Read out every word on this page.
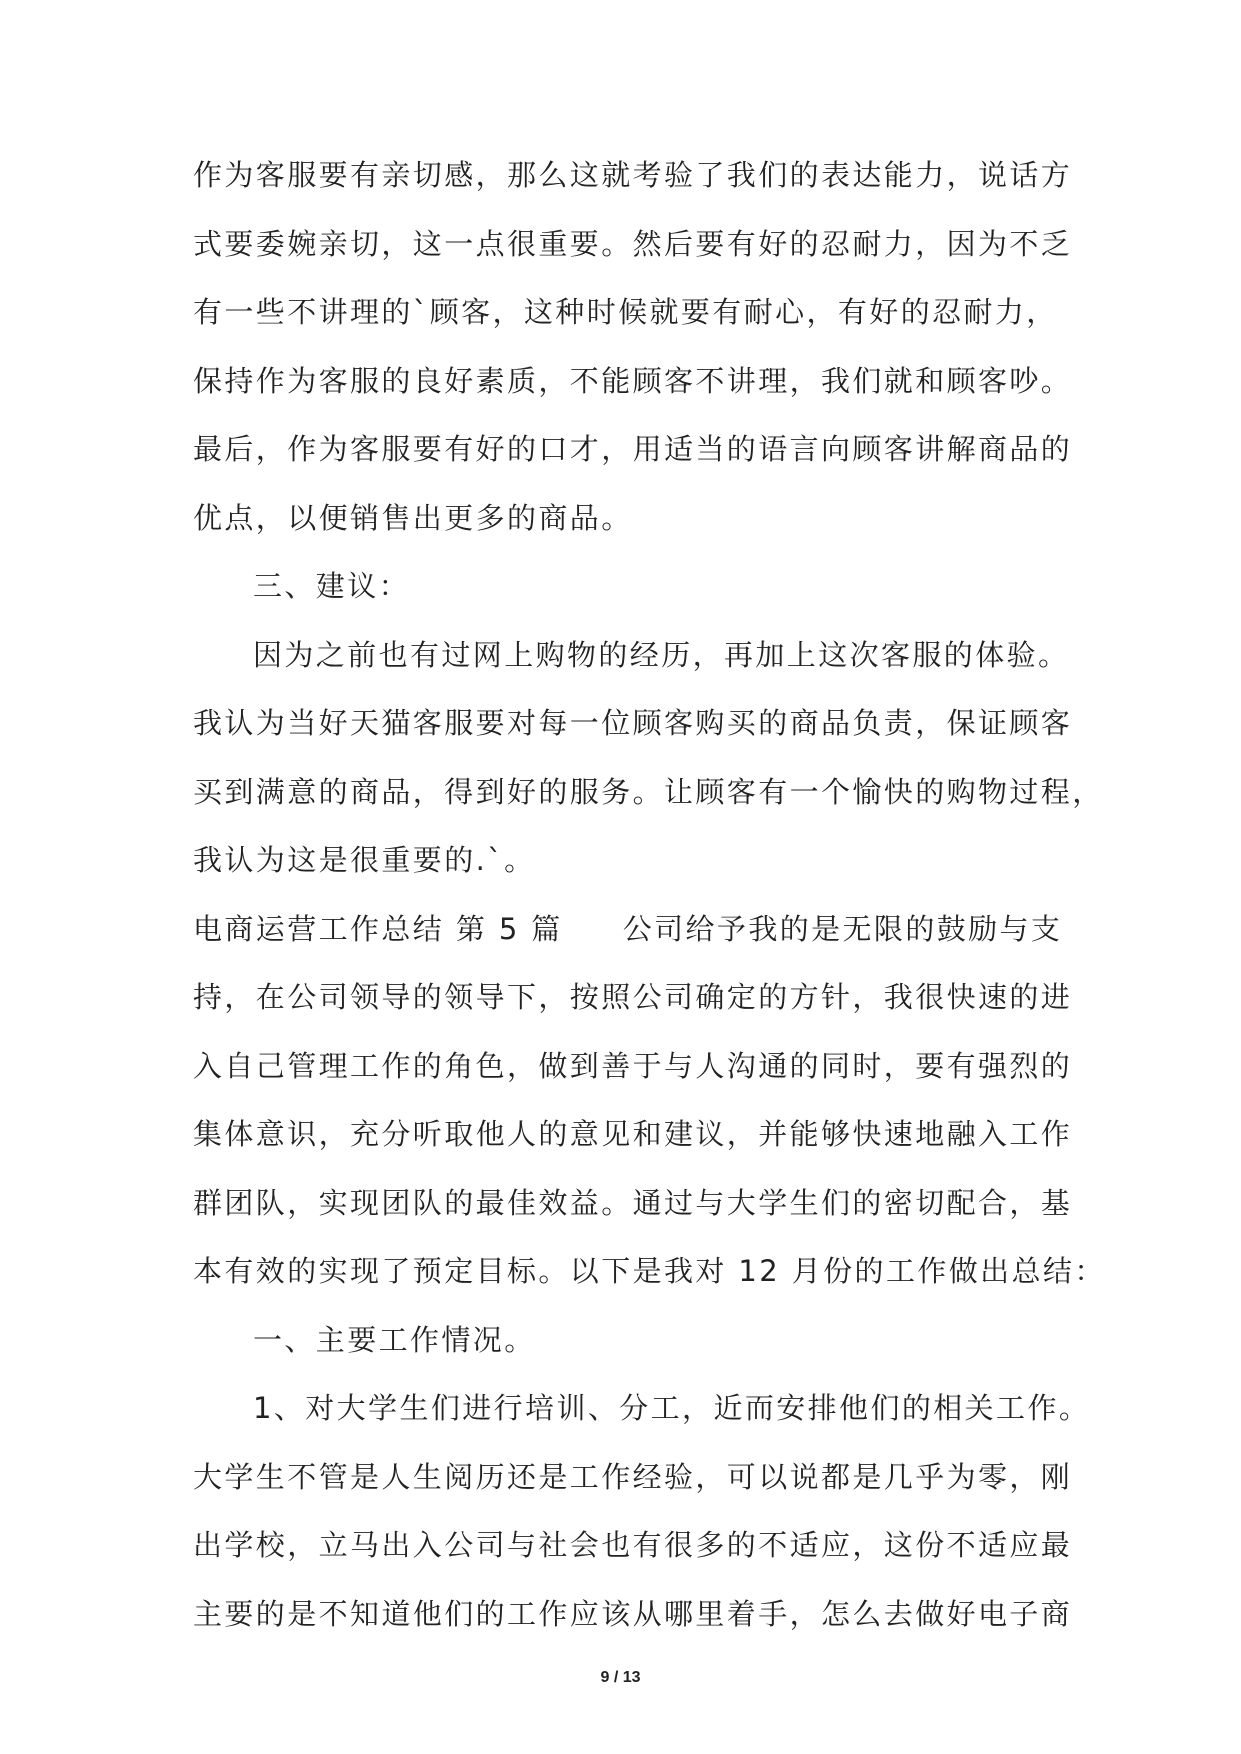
作为客服要有亲切感，那么这就考验了我们的表达能力，说话方
式要委婉亲切，这一点很重要。然后要有好的忍耐力，因为不乏
有一些不讲理的`顾客，这种时候就要有耐心，有好的忍耐力，
保持作为客服的良好素质，不能顾客不讲理，我们就和顾客吵。
最后，作为客服要有好的口才，用适当的语言向顾客讲解商品的
优点，以便销售出更多的商品。
三、建议：
因为之前也有过网上购物的经历，再加上这次客服的体验。
我认为当好天猫客服要对每一位顾客购买的商品负责，保证顾客
买到满意的商品，得到好的服务。让顾客有一个愉快的购物过程，
我认为这是很重要的.`。
电商运营工作总结 第 5 篇 公司给予我的是无限的鼓励与支
持，在公司领导的领导下，按照公司确定的方针，我很快速的进
入自己管理工作的角色，做到善于与人沟通的同时，要有强烈的
集体意识，充分听取他人的意见和建议，并能够快速地融入工作
群团队，实现团队的最佳效益。通过与大学生们的密切配合，基
本有效的实现了预定目标。以下是我对 12 月份的工作做出总结：
一、主要工作情况。
1、对大学生们进行培训、分工，近而安排他们的相关工作。
大学生不管是人生阅历还是工作经验，可以说都是几乎为零，刚
出学校，立马出入公司与社会也有很多的不适应，这份不适应最
主要的是不知道他们的工作应该从哪里着手，怎么去做好电子商
9 / 13
